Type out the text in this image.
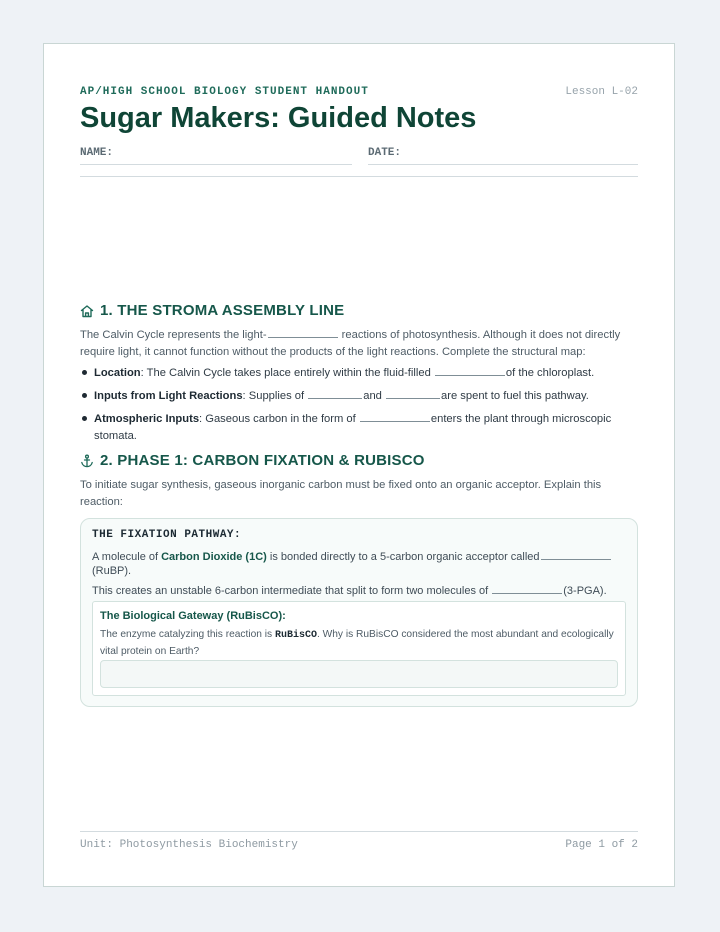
AP/HIGH SCHOOL BIOLOGY STUDENT HANDOUT	Lesson L-02
Sugar Makers: Guided Notes
NAME:	DATE:
1. THE STROMA ASSEMBLY LINE
The Calvin Cycle represents the light-	reactions of photosynthesis. Although it does not directly require light, it cannot function without the products of the light reactions. Complete the structural map:
Location: The Calvin Cycle takes place entirely within the fluid-filled	of the chloroplast.
Inputs from Light Reactions: Supplies of	and	are spent to fuel this pathway.
Atmospheric Inputs: Gaseous carbon in the form of	enters the plant through microscopic stomata.
2. PHASE 1: CARBON FIXATION & RUBISCO
To initiate sugar synthesis, gaseous inorganic carbon must be fixed onto an organic acceptor. Explain this reaction:
THE FIXATION PATHWAY:
A molecule of Carbon Dioxide (1C) is bonded directly to a 5-carbon organic acceptor called
(RuBP).
This creates an unstable 6-carbon intermediate that split to form two molecules of	(3-PGA).
The Biological Gateway (RuBisCO):
The enzyme catalyzing this reaction is RuBisCO. Why is RuBisCO considered the most abundant and ecologically vital protein on Earth?
Unit: Photosynthesis Biochemistry	Page 1 of 2
